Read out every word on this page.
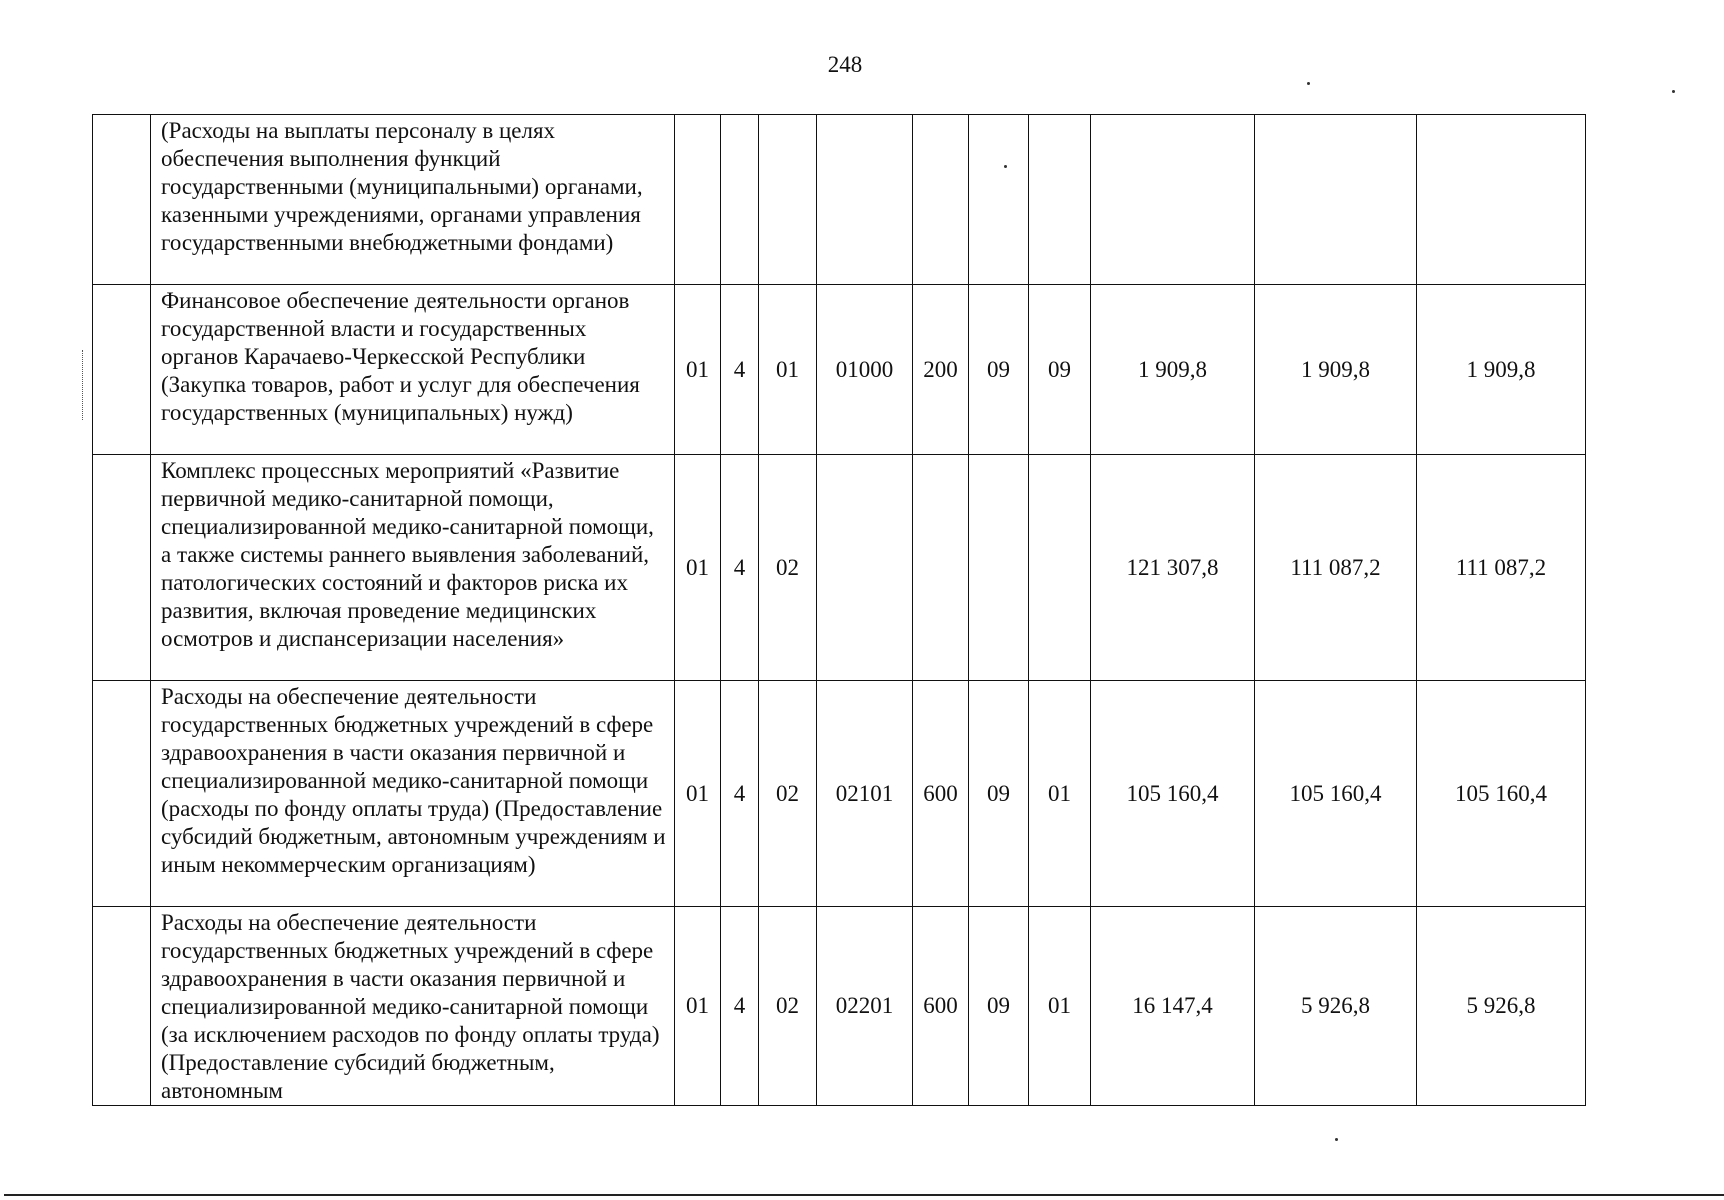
248
	(Расходы на выплаты персоналу в целях обеспечения выполнения функций государственными (муниципальными) органами, казенными учреждениями, органами управления государственными внебюджетными фондами)										
	Финансовое обеспечение деятельности органов государственной власти и государственных органов Карачаево-Черкесской Республики (Закупка товаров, работ и услуг для обеспечения государственных (муниципальных) нужд)	01	4	01	01000	200	09	09	1 909,8	1 909,8	1 909,8
	Комплекс процессных мероприятий «Развитие первичной медико-санитарной помощи, специализированной медико-санитарной помощи, а также системы раннего выявления заболеваний, патологических состояний и факторов риска их развития, включая проведение медицинских осмотров и диспансеризации населения»	01	4	02					121 307,8	111 087,2	111 087,2
	Расходы на обеспечение деятельности государственных бюджетных учреждений в сфере здравоохранения в части оказания первичной и специализированной медико-санитарной помощи (расходы по фонду оплаты труда) (Предоставление субсидий бюджетным, автономным учреждениям и иным некоммерческим организациям)	01	4	02	02101	600	09	01	105 160,4	105 160,4	105 160,4
	Расходы на обеспечение деятельности государственных бюджетных учреждений в сфере здравоохранения в части оказания первичной и специализированной медико-санитарной помощи (за исключением расходов по фонду оплаты труда) (Предоставление субсидий бюджетным, автономным	01	4	02	02201	600	09	01	16 147,4	5 926,8	5 926,8
